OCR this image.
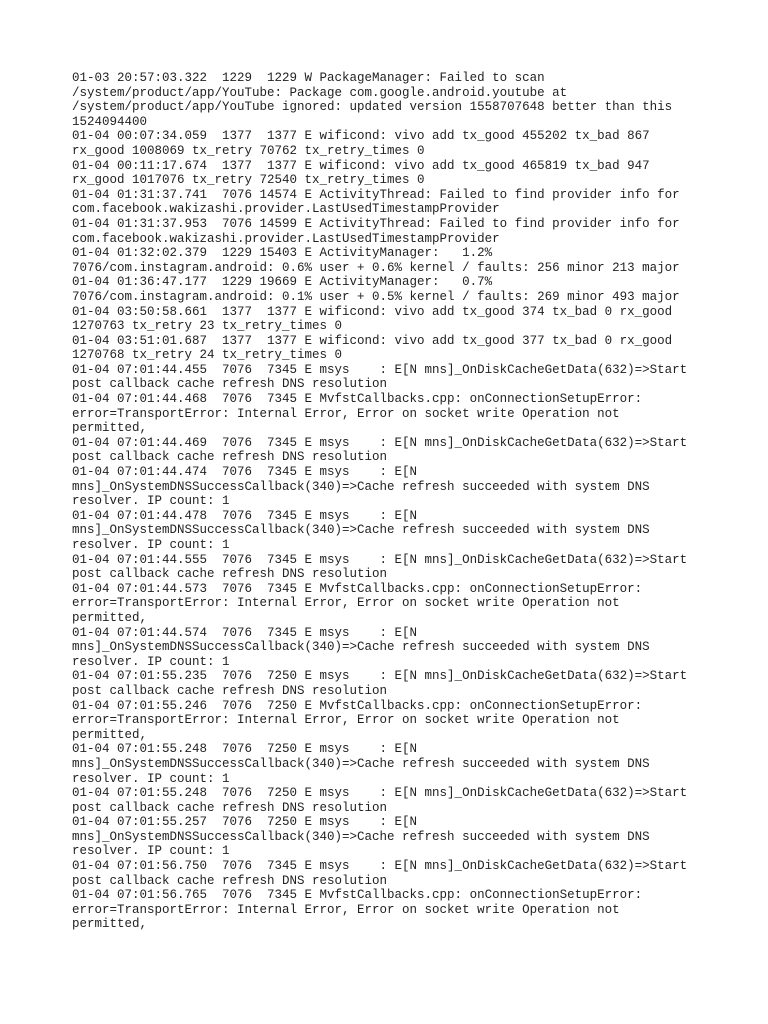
01-03 20:57:03.322  1229  1229 W PackageManager: Failed to scan
/system/product/app/YouTube: Package com.google.android.youtube at
/system/product/app/YouTube ignored: updated version 1558707648 better than this
1524094400
01-04 00:07:34.059  1377  1377 E wificond: vivo add tx_good 455202 tx_bad 867
rx_good 1008069 tx_retry 70762 tx_retry_times 0
01-04 00:11:17.674  1377  1377 E wificond: vivo add tx_good 465819 tx_bad 947
rx_good 1017076 tx_retry 72540 tx_retry_times 0
01-04 01:31:37.741  7076 14574 E ActivityThread: Failed to find provider info for
com.facebook.wakizashi.provider.LastUsedTimestampProvider
01-04 01:31:37.953  7076 14599 E ActivityThread: Failed to find provider info for
com.facebook.wakizashi.provider.LastUsedTimestampProvider
01-04 01:32:02.379  1229 15403 E ActivityManager:   1.2%
7076/com.instagram.android: 0.6% user + 0.6% kernel / faults: 256 minor 213 major
01-04 01:36:47.177  1229 19669 E ActivityManager:   0.7%
7076/com.instagram.android: 0.1% user + 0.5% kernel / faults: 269 minor 493 major
01-04 03:50:58.661  1377  1377 E wificond: vivo add tx_good 374 tx_bad 0 rx_good
1270763 tx_retry 23 tx_retry_times 0
01-04 03:51:01.687  1377  1377 E wificond: vivo add tx_good 377 tx_bad 0 rx_good
1270768 tx_retry 24 tx_retry_times 0
01-04 07:01:44.455  7076  7345 E msys    : E[N mns]_OnDiskCacheGetData(632)=>Start
post callback cache refresh DNS resolution
01-04 07:01:44.468  7076  7345 E MvfstCallbacks.cpp: onConnectionSetupError:
error=TransportError: Internal Error, Error on socket write Operation not
permitted,
01-04 07:01:44.469  7076  7345 E msys    : E[N mns]_OnDiskCacheGetData(632)=>Start
post callback cache refresh DNS resolution
01-04 07:01:44.474  7076  7345 E msys    : E[N
mns]_OnSystemDNSSuccessCallback(340)=>Cache refresh succeeded with system DNS
resolver. IP count: 1
01-04 07:01:44.478  7076  7345 E msys    : E[N
mns]_OnSystemDNSSuccessCallback(340)=>Cache refresh succeeded with system DNS
resolver. IP count: 1
01-04 07:01:44.555  7076  7345 E msys    : E[N mns]_OnDiskCacheGetData(632)=>Start
post callback cache refresh DNS resolution
01-04 07:01:44.573  7076  7345 E MvfstCallbacks.cpp: onConnectionSetupError:
error=TransportError: Internal Error, Error on socket write Operation not
permitted,
01-04 07:01:44.574  7076  7345 E msys    : E[N
mns]_OnSystemDNSSuccessCallback(340)=>Cache refresh succeeded with system DNS
resolver. IP count: 1
01-04 07:01:55.235  7076  7250 E msys    : E[N mns]_OnDiskCacheGetData(632)=>Start
post callback cache refresh DNS resolution
01-04 07:01:55.246  7076  7250 E MvfstCallbacks.cpp: onConnectionSetupError:
error=TransportError: Internal Error, Error on socket write Operation not
permitted,
01-04 07:01:55.248  7076  7250 E msys    : E[N
mns]_OnSystemDNSSuccessCallback(340)=>Cache refresh succeeded with system DNS
resolver. IP count: 1
01-04 07:01:55.248  7076  7250 E msys    : E[N mns]_OnDiskCacheGetData(632)=>Start
post callback cache refresh DNS resolution
01-04 07:01:55.257  7076  7250 E msys    : E[N
mns]_OnSystemDNSSuccessCallback(340)=>Cache refresh succeeded with system DNS
resolver. IP count: 1
01-04 07:01:56.750  7076  7345 E msys    : E[N mns]_OnDiskCacheGetData(632)=>Start
post callback cache refresh DNS resolution
01-04 07:01:56.765  7076  7345 E MvfstCallbacks.cpp: onConnectionSetupError:
error=TransportError: Internal Error, Error on socket write Operation not
permitted,
